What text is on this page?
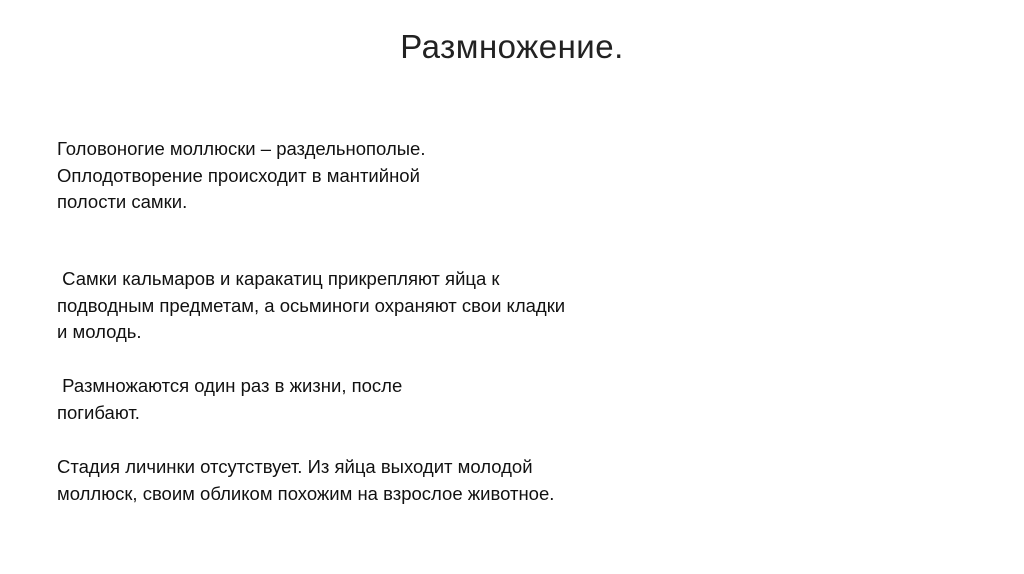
Размножение.

Головоногие моллюски – раздельнополые.
Оплодотворение происходит в мантийной
полости самки.

Самки кальмаров и каракатиц прикрепляют яйца к
подводным предметам, а осьминоги охраняют свои кладки
и молодь.

Размножаются один раз в жизни, после
погибают.

Стадия личинки отсутствует. Из яйца выходит молодой
моллюск, своим обликом похожим на взрослое животное.
